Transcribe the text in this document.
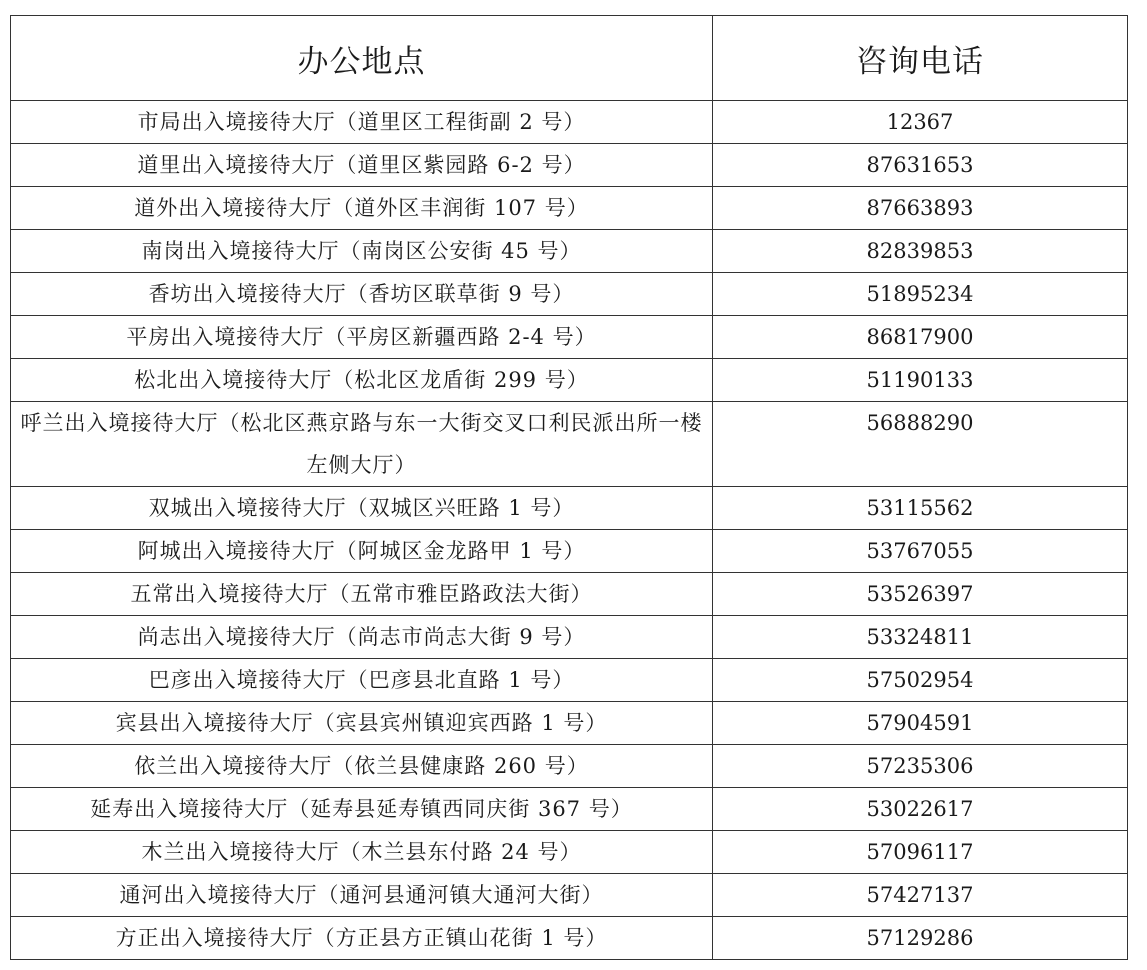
办公地点	咨询电话
市局出入境接待大厅（道里区工程街副 2 号）	12367
道里出入境接待大厅（道里区紫园路 6-2 号）	87631653
道外出入境接待大厅（道外区丰润街 107 号）	87663893
南岗出入境接待大厅（南岗区公安街 45 号）	82839853
香坊出入境接待大厅（香坊区联草街 9 号）	51895234
平房出入境接待大厅（平房区新疆西路 2-4 号）	86817900
松北出入境接待大厅（松北区龙盾街 299 号）	51190133
呼兰出入境接待大厅（松北区燕京路与东一大街交叉口利民派出所一楼左侧大厅）	56888290
双城出入境接待大厅（双城区兴旺路 1 号）	53115562
阿城出入境接待大厅（阿城区金龙路甲 1 号）	53767055
五常出入境接待大厅（五常市雅臣路政法大街）	53526397
尚志出入境接待大厅（尚志市尚志大街 9 号）	53324811
巴彦出入境接待大厅（巴彦县北直路 1 号）	57502954
宾县出入境接待大厅（宾县宾州镇迎宾西路 1 号）	57904591
依兰出入境接待大厅（依兰县健康路 260 号）	57235306
延寿出入境接待大厅（延寿县延寿镇西同庆街 367 号）	53022617
木兰出入境接待大厅（木兰县东付路 24 号）	57096117
通河出入境接待大厅（通河县通河镇大通河大街）	57427137
方正出入境接待大厅（方正县方正镇山花街 1 号）	57129286
